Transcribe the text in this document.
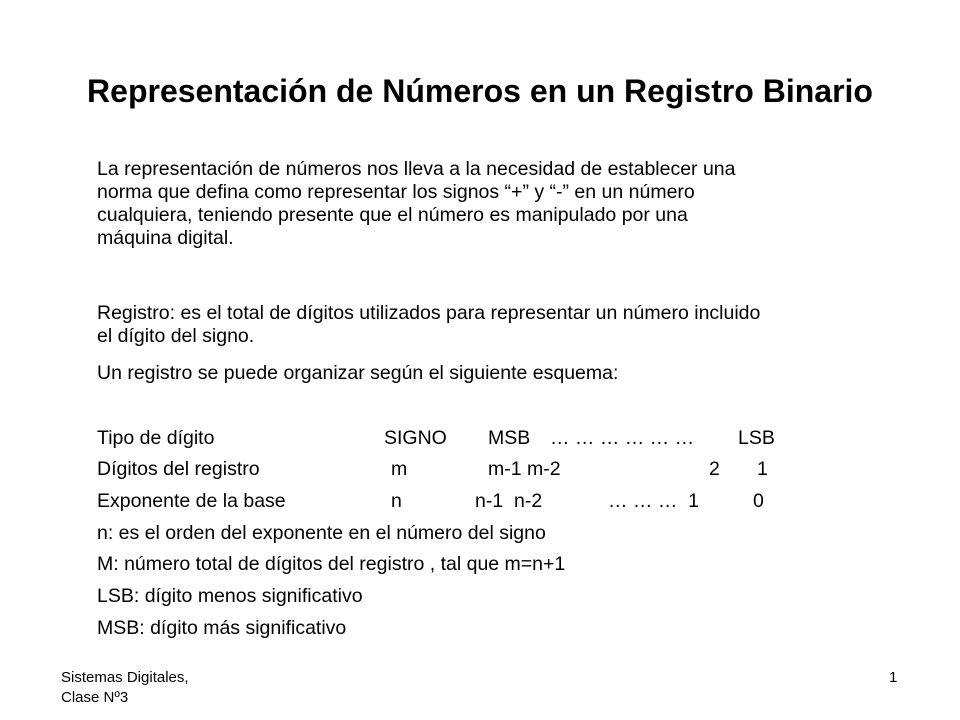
Representación de Números en un Registro Binario
La representación de números nos lleva a la necesidad de establecer una
norma que defina como representar los signos “+” y “-” en un número
cualquiera, teniendo presente que el número es manipulado por una
máquina digital.
Registro: es el total de dígitos utilizados para representar un número incluido
el dígito del signo.
Un registro se puede organizar según el siguiente esquema:
Tipo de dígito	SIGNO MSB … … … … … … LSB
Dígitos del registro	m	m-1 m-2	2 1
Exponente de la base	n	n-1  n-2	… … …  1	0
n: es el orden del exponente en el número del signo
M: número total de dígitos del registro , tal que m=n+1
LSB: dígito menos significativo
MSB: dígito más significativo
Sistemas Digitales,
Clase Nº3
1
